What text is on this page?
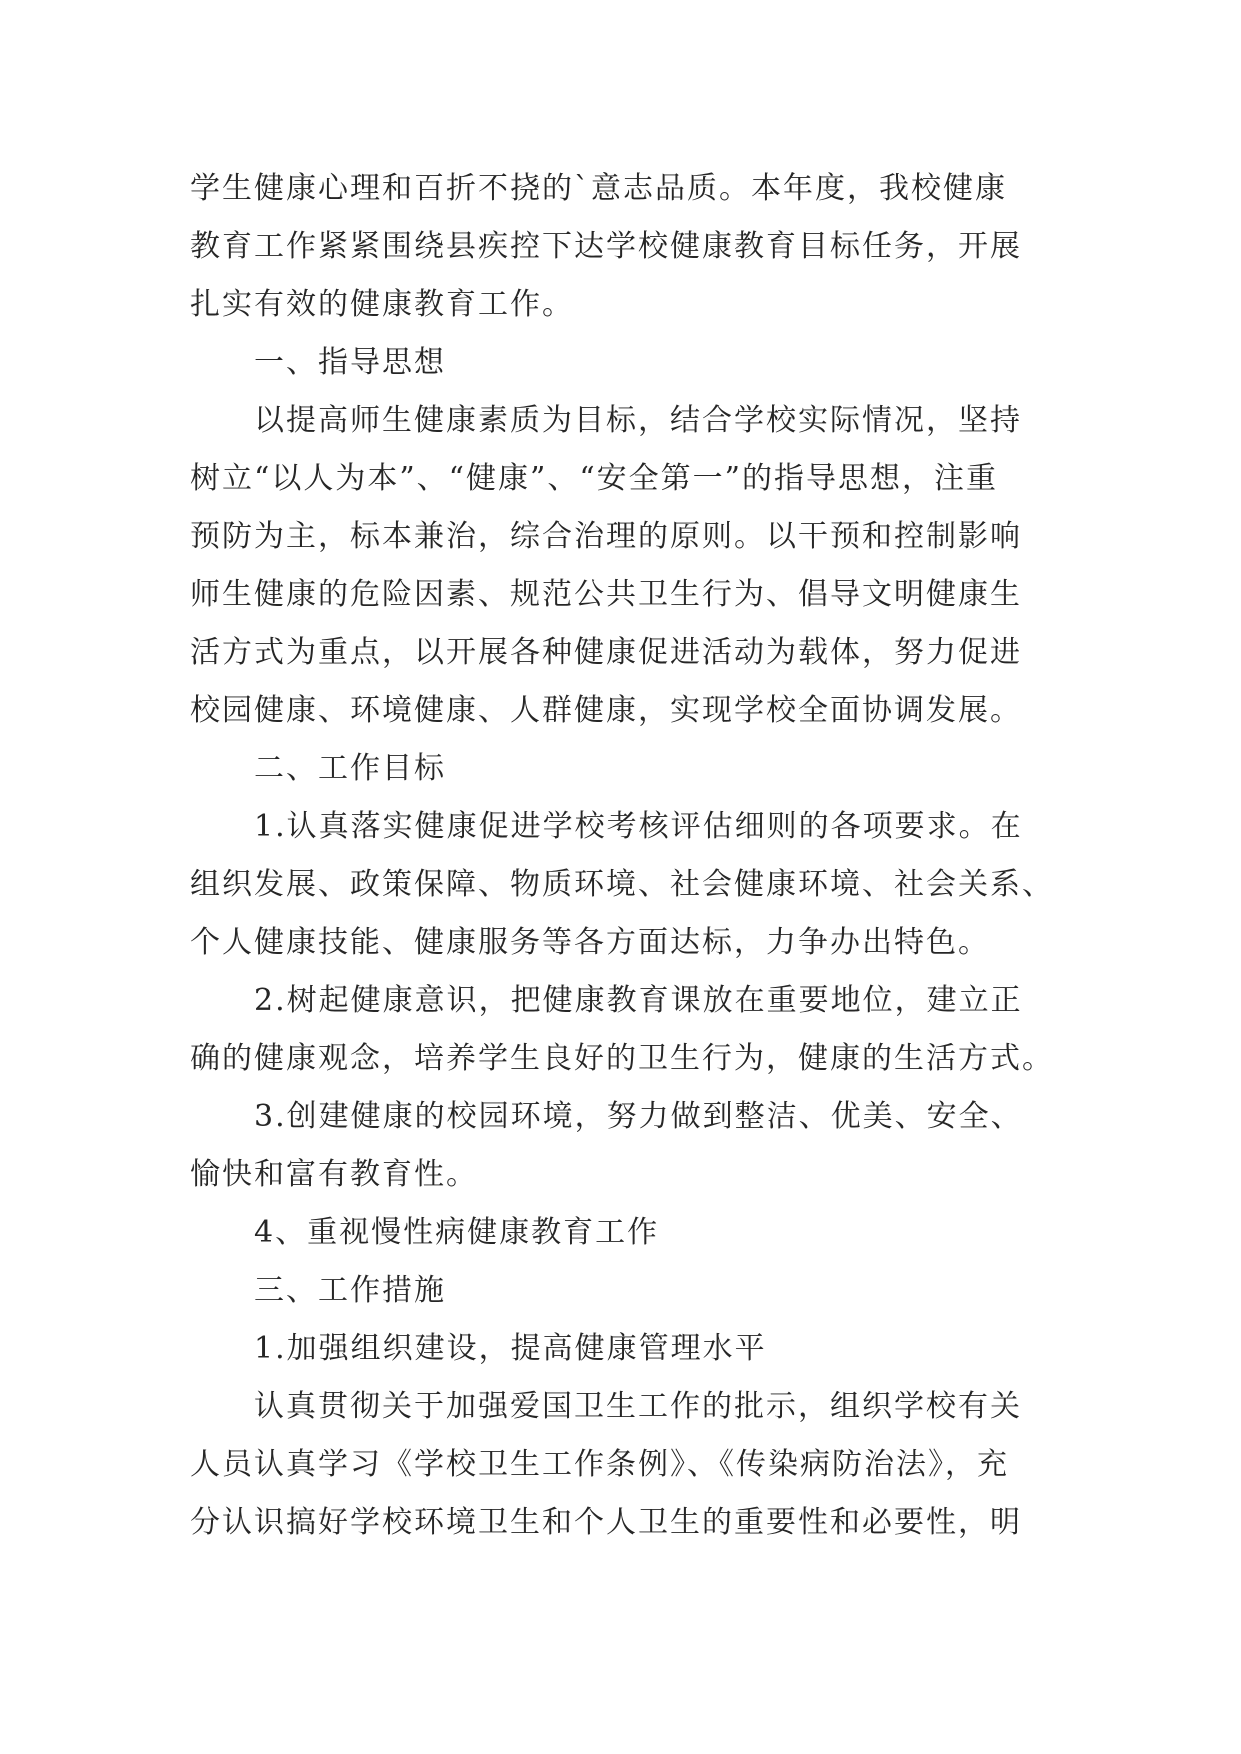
学生健康心理和百折不挠的`意志品质。本年度，我校健康
教育工作紧紧围绕县疾控下达学校健康教育目标任务，开展
扎实有效的健康教育工作。
一、指导思想
以提高师生健康素质为目标，结合学校实际情况，坚持
树立“以人为本”、“健康”、“安全第一”的指导思想，注重
预防为主，标本兼治，综合治理的原则。以干预和控制影响
师生健康的危险因素、规范公共卫生行为、倡导文明健康生
活方式为重点，以开展各种健康促进活动为载体，努力促进
校园健康、环境健康、人群健康，实现学校全面协调发展。
二、工作目标
1.认真落实健康促进学校考核评估细则的各项要求。在
组织发展、政策保障、物质环境、社会健康环境、社会关系、
个人健康技能、健康服务等各方面达标，力争办出特色。
2.树起健康意识，把健康教育课放在重要地位，建立正
确的健康观念，培养学生良好的卫生行为，健康的生活方式。
3.创建健康的校园环境，努力做到整洁、优美、安全、
愉快和富有教育性。
4、重视慢性病健康教育工作
三、工作措施
1.加强组织建设，提高健康管理水平
认真贯彻关于加强爱国卫生工作的批示，组织学校有关
人员认真学习《学校卫生工作条例》、《传染病防治法》，充
分认识搞好学校环境卫生和个人卫生的重要性和必要性，明
